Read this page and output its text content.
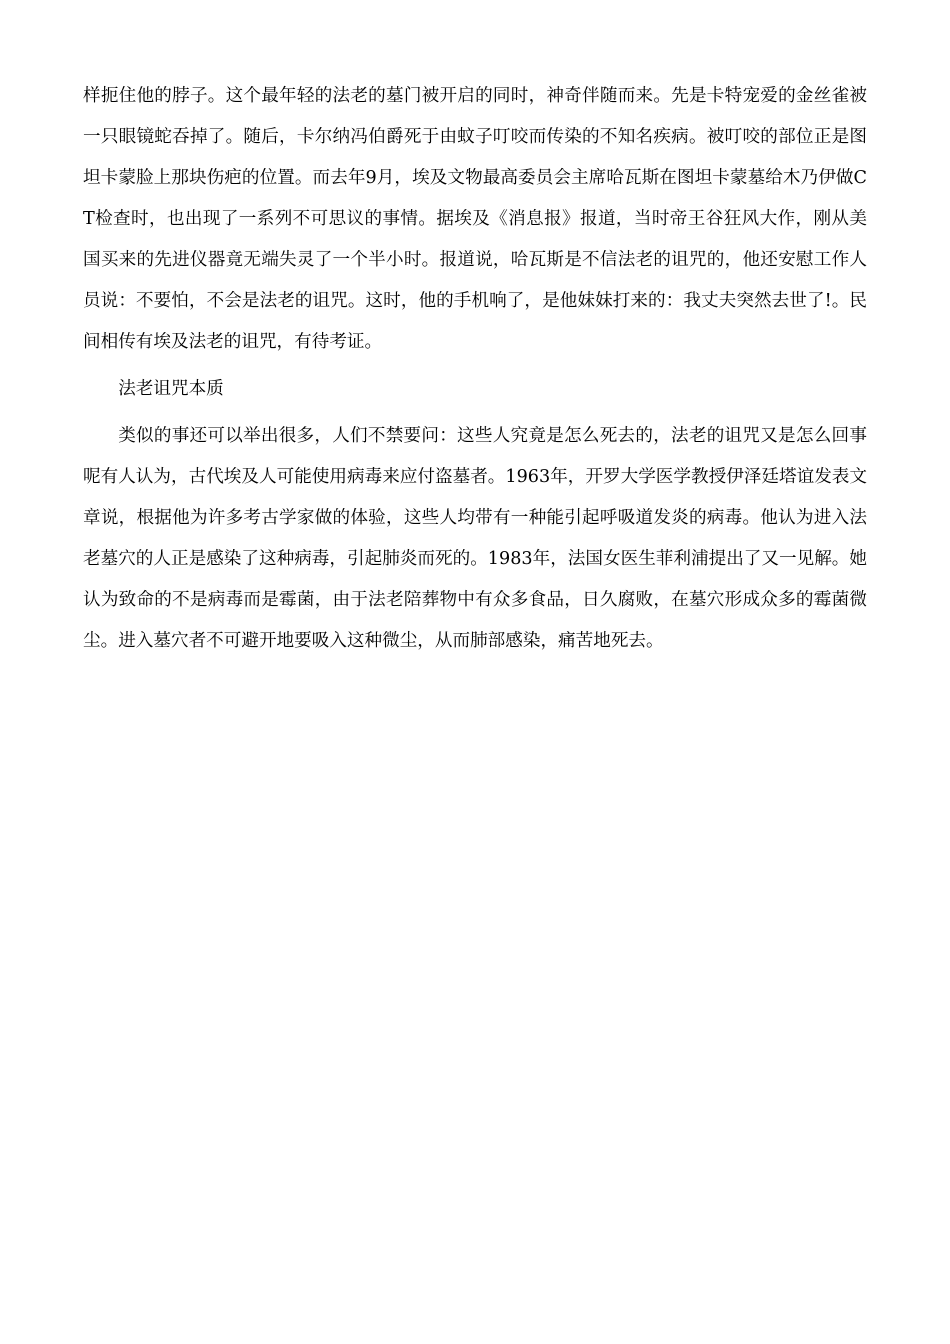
样扼住他的脖子。这个最年轻的法老的墓门被开启的同时，神奇伴随而来。先是卡特宠爱的金丝雀被一只眼镜蛇吞掉了。随后，卡尔纳冯伯爵死于由蚊子叮咬而传染的不知名疾病。被叮咬的部位正是图坦卡蒙脸上那块伤疤的位置。而去年9月，埃及文物最高委员会主席哈瓦斯在图坦卡蒙墓给木乃伊做CT检查时，也出现了一系列不可思议的事情。据埃及《消息报》报道，当时帝王谷狂风大作，刚从美国买来的先进仪器竟无端失灵了一个半小时。报道说，哈瓦斯是不信法老的诅咒的，他还安慰工作人员说：不要怕，不会是法老的诅咒。这时，他的手机响了，是他妹妹打来的：我丈夫突然去世了!。民间相传有埃及法老的诅咒，有待考证。

法老诅咒本质

类似的事还可以举出很多，人们不禁要问：这些人究竟是怎么死去的，法老的诅咒又是怎么回事呢有人认为，古代埃及人可能使用病毒来应付盗墓者。1963年，开罗大学医学教授伊泽廷塔谊发表文章说，根据他为许多考古学家做的体验，这些人均带有一种能引起呼吸道发炎的病毒。他认为进入法老墓穴的人正是感染了这种病毒，引起肺炎而死的。1983年，法国女医生菲利浦提出了又一见解。她认为致命的不是病毒而是霉菌，由于法老陪葬物中有众多食品，日久腐败，在墓穴形成众多的霉菌微尘。进入墓穴者不可避开地要吸入这种微尘，从而肺部感染，痛苦地死去。
